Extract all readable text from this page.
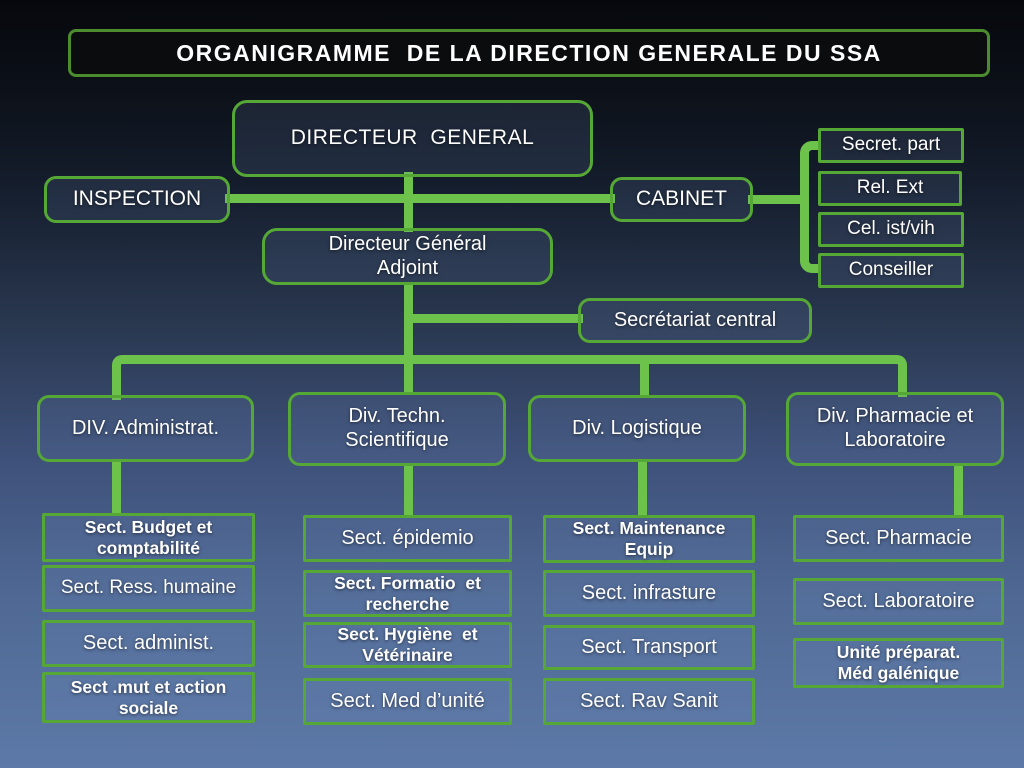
ORGANIGRAMME  DE LA DIRECTION GENERALE DU SSA
DIRECTEUR  GENERAL
INSPECTION	CABINET
Secret. part
Rel. Ext
Cel. ist/vih
Conseiller
Directeur Général
Adjoint
Secrétariat central
DIV. Administrat.
Div. Techn.
Scientifique
Div. Logistique
Div. Pharmacie et
Laboratoire
Sect. Budget et
comptabilité
Sect. Ress. humaine
Sect. administ.
Sect .mut et action
sociale
Sect. épidemio
Sect. Formatio  et
recherche
Sect. Hygiène  et
Vétérinaire
Sect. Med d’unité
Sect. Maintenance
Equip
Sect. infrasture
Sect. Transport
Sect. Rav Sanit
Sect. Pharmacie
Sect. Laboratoire
Unité préparat.
Méd galénique
